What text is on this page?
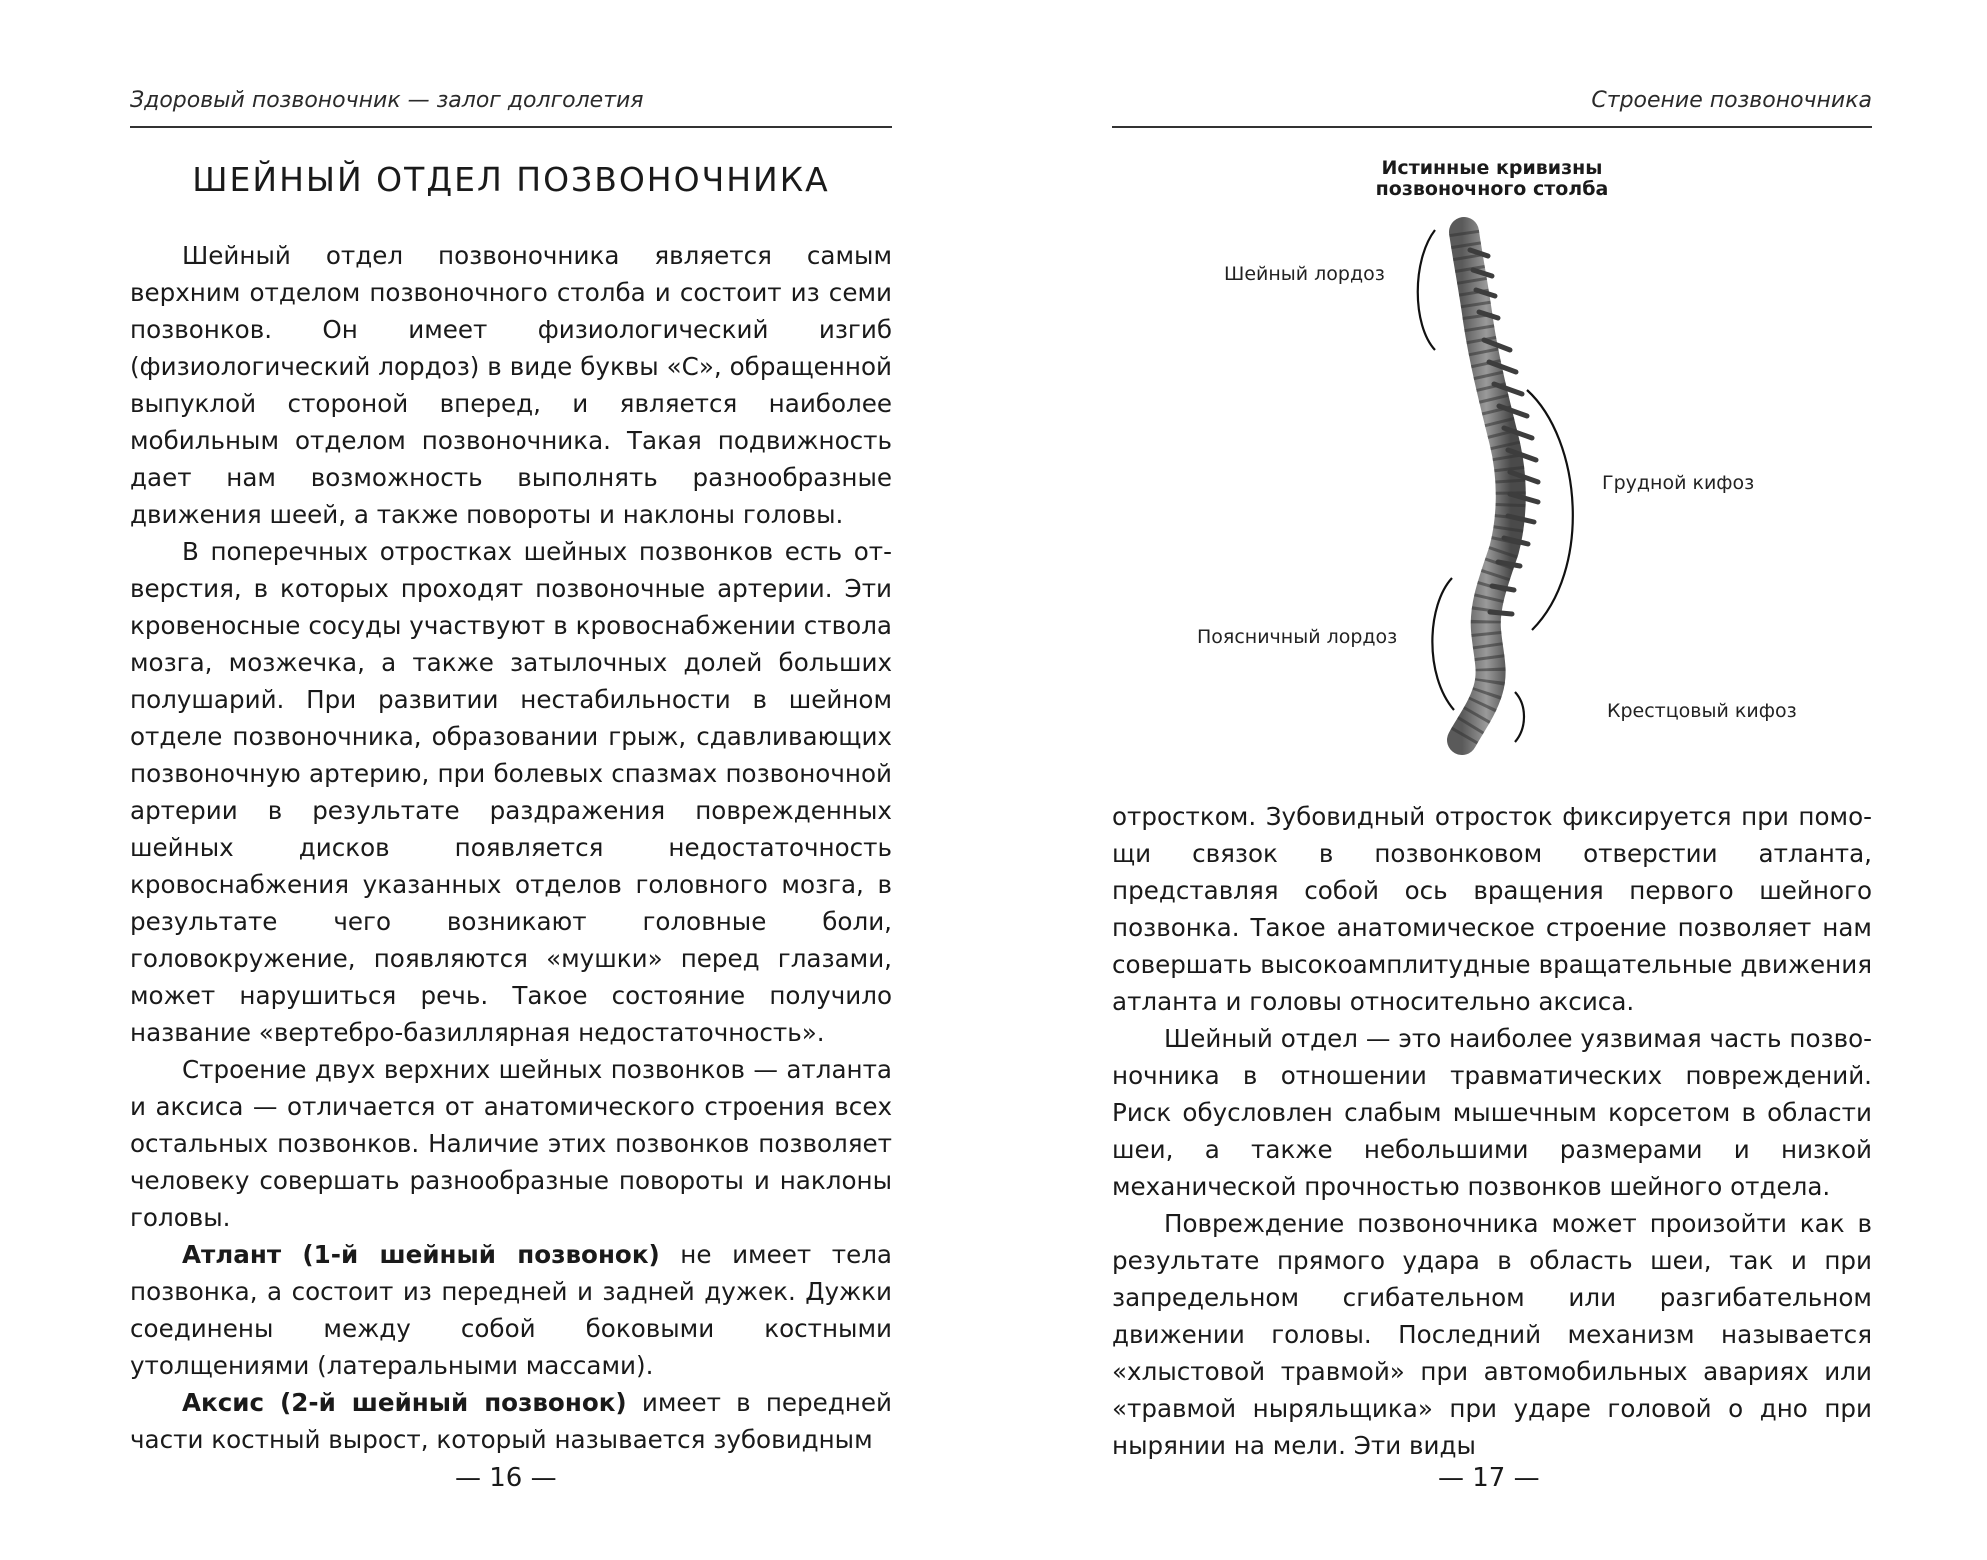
Здоровый позвоночник — залог долголетия
ШЕЙНЫЙ ОТДЕЛ ПОЗВОНОЧНИКА

Шейный отдел позвоночника является самым верхним отделом позвоночного столба и состоит из семи позвонков. Он имеет физиологический изгиб (физиологический лордоз) в виде буквы «С», обращенной выпуклой стороной вперед, и является наиболее мобильным отделом позвоночника. Такая подвижность дает нам возможность выполнять разнообразные движения шеей, а также повороты и наклоны головы.

В поперечных отростках шейных позвонков есть отверстия, в которых проходят позвоночные артерии. Эти кровеносные сосуды участвуют в кровоснабжении ствола мозга, мозжечка, а также затылочных долей больших полушарий. При развитии нестабильности в шейном отделе позвоночника, образовании грыж, сдавливающих позвоночную артерию, при болевых спазмах позвоночной артерии в результате раздражения поврежденных шейных дисков появляется недостаточность кровоснабжения указанных отделов головного мозга, в результате чего возникают головные боли, головокружение, появляются «мушки» перед глазами, может нарушиться речь. Такое состояние получило название «вертебро-базиллярная недостаточность».

Строение двух верхних шейных позвонков — атланта и аксиса — отличается от анатомического строения всех остальных позвонков. Наличие этих позвонков позволяет человеку совершать разнообразные повороты и наклоны головы.

Атлант (1-й шейный позвонок) не имеет тела позвонка, а состоит из передней и задней дужек. Дужки соединены между собой боковыми костными утолщениями (латеральными массами).

Аксис (2-й шейный позвонок) имеет в передней части костный вырост, который называется зубовидным

— 16 —
Строение позвоночника
Истинные кривизны
позвоночного столба
Шейный лордоз
Грудной кифоз
Поясничный лордоз
Крестцовый кифоз

отростком. Зубовидный отросток фиксируется при помощи связок в позвонковом отверстии атланта, представляя собой ось вращения первого шейного позвонка. Такое анатомическое строение позволяет нам совершать высокоамплитудные вращательные движения атланта и головы относительно аксиса.

Шейный отдел — это наиболее уязвимая часть позвоночника в отношении травматических повреждений. Риск обусловлен слабым мышечным корсетом в области шеи, а также небольшими размерами и низкой механической прочностью позвонков шейного отдела.

Повреждение позвоночника может произойти как в результате прямого удара в область шеи, так и при запредельном сгибательном или разгибательном движении головы. Последний механизм называется «хлыстовой травмой» при автомобильных авариях или «травмой ныряльщика» при ударе головой о дно при нырянии на мели. Эти виды

— 17 —
